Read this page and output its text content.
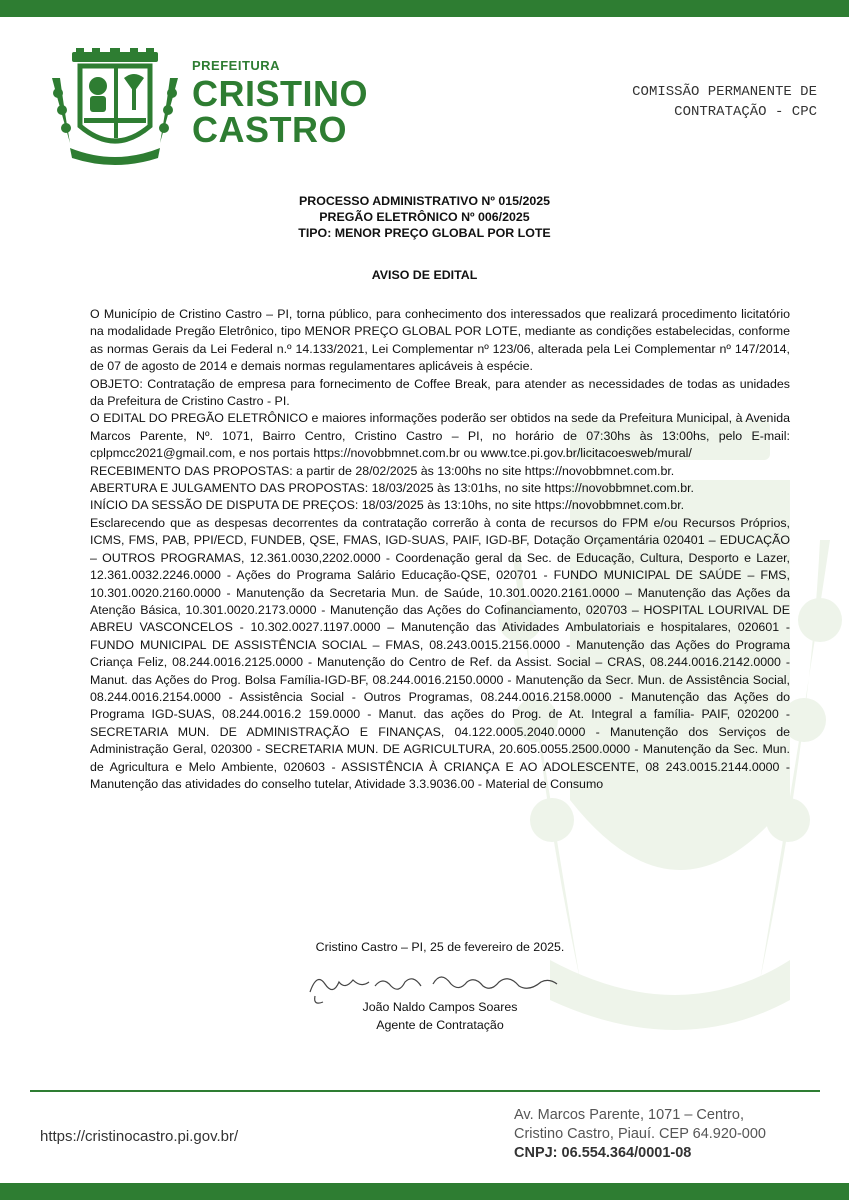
PREFEITURA
CRISTINO
CASTRO
COMISSÃO PERMANENTE DE
CONTRATAÇÃO - CPC
PROCESSO ADMINISTRATIVO Nº 015/2025
PREGÃO ELETRÔNICO Nº 006/2025
TIPO: MENOR PREÇO GLOBAL POR LOTE
AVISO DE EDITAL

O Município de Cristino Castro – PI, torna público, para conhecimento dos interessados que realizará procedimento licitatório na modalidade Pregão Eletrônico, tipo MENOR PREÇO GLOBAL POR LOTE, mediante as condições estabelecidas, conforme as normas Gerais da Lei Federal n.º 14.133/2021, Lei Complementar nº 123/06, alterada pela Lei Complementar nº 147/2014, de 07 de agosto de 2014 e demais normas regulamentares aplicáveis à espécie.

OBJETO: Contratação de empresa para fornecimento de Coffee Break, para atender as necessidades de todas as unidades da Prefeitura de Cristino Castro - PI.

O EDITAL DO PREGÃO ELETRÔNICO e maiores informações poderão ser obtidos na sede da Prefeitura Municipal, à Avenida Marcos Parente, Nº. 1071, Bairro Centro, Cristino Castro – PI, no horário de 07:30hs às 13:00hs, pelo E-mail: cplpmcc2021@gmail.com, e nos portais https://novobbmnet.com.br ou www.tce.pi.gov.br/licitacoesweb/mural/

RECEBIMENTO DAS PROPOSTAS: a partir de 28/02/2025 às 13:00hs no site https://novobbmnet.com.br.

ABERTURA E JULGAMENTO DAS PROPOSTAS: 18/03/2025 às 13:01hs, no site https://novobbmnet.com.br.

INÍCIO DA SESSÃO DE DISPUTA DE PREÇOS: 18/03/2025 às 13:10hs, no site https://novobbmnet.com.br.

Esclarecendo que as despesas decorrentes da contratação correrão à conta de recursos do FPM e/ou Recursos Próprios, ICMS, FMS, PAB, PPI/ECD, FUNDEB, QSE, FMAS, IGD-SUAS, PAIF, IGD-BF, Dotação Orçamentária 020401 – EDUCAÇÃO – OUTROS PROGRAMAS, 12.361.0030,2202.0000 - Coordenação geral da Sec. de Educação, Cultura, Desporto e Lazer, 12.361.0032.2246.0000 - Ações do Programa Salário Educação-QSE, 020701 - FUNDO MUNICIPAL DE SAÚDE – FMS, 10.301.0020.2160.0000 - Manutenção da Secretaria Mun. de Saúde, 10.301.0020.2161.0000 – Manutenção das Ações da Atenção Básica, 10.301.0020.2173.0000 - Manutenção das Ações do Cofinanciamento, 020703 – HOSPITAL LOURIVAL DE ABREU VASCONCELOS - 10.302.0027.1197.0000 – Manutenção das Atividades Ambulatoriais e hospitalares, 020601 - FUNDO MUNICIPAL DE ASSISTÊNCIA SOCIAL – FMAS, 08.243.0015.2156.0000 - Manutenção das Ações do Programa Criança Feliz, 08.244.0016.2125.0000 - Manutenção do Centro de Ref. da Assist. Social – CRAS, 08.244.0016.2142.0000 - Manut. das Ações do Prog. Bolsa Família-IGD-BF, 08.244.0016.2150.0000 - Manutenção da Secr. Mun. de Assistência Social, 08.244.0016.2154.0000 - Assistência Social - Outros Programas, 08.244.0016.2158.0000 - Manutenção das Ações do Programa IGD-SUAS, 08.244.0016.2 159.0000 - Manut. das ações do Prog. de At. Integral a família- PAIF, 020200 - SECRETARIA MUN. DE ADMINISTRAÇÃO E FINANÇAS, 04.122.0005.2040.0000 - Manutenção dos Serviços de Administração Geral, 020300 - SECRETARIA MUN. DE AGRICULTURA, 20.605.0055.2500.0000 - Manutenção da Sec. Mun. de Agricultura e Melo Ambiente, 020603 - ASSISTÊNCIA À CRIANÇA E AO ADOLESCENTE, 08 243.0015.2144.0000 - Manutenção das atividades do conselho tutelar, Atividade 3.3.9036.00 - Material de Consumo

Cristino Castro – PI, 25 de fevereiro de 2025.
João Naldo Campos Soares
Agente de Contratação
https://cristinocastro.pi.gov.br/
Av. Marcos Parente, 1071 – Centro,
Cristino Castro, Piauí. CEP 64.920-000
CNPJ: 06.554.364/0001-08
